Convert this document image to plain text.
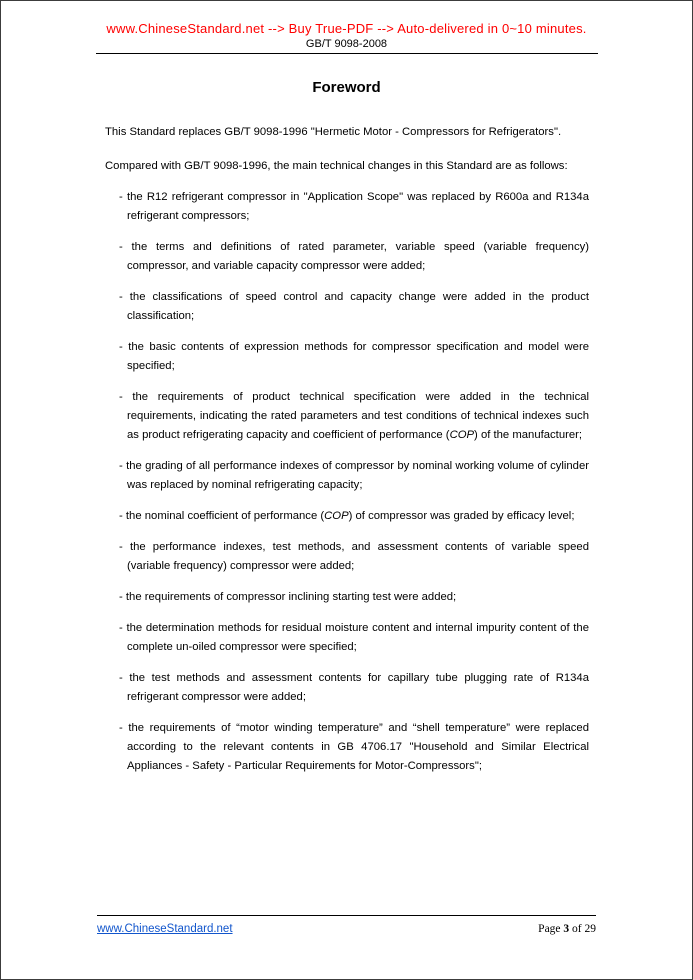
www.ChineseStandard.net --> Buy True-PDF --> Auto-delivered in 0~10 minutes.
GB/T 9098-2008
Foreword

This Standard replaces GB/T 9098-1996 "Hermetic Motor - Compressors for Refrigerators".

Compared with GB/T 9098-1996, the main technical changes in this Standard are as follows:

- the R12 refrigerant compressor in "Application Scope" was replaced by R600a and R134a refrigerant compressors;
- the terms and definitions of rated parameter, variable speed (variable frequency) compressor, and variable capacity compressor were added;
- the classifications of speed control and capacity change were added in the product classification;
- the basic contents of expression methods for compressor specification and model were specified;
- the requirements of product technical specification were added in the technical requirements, indicating the rated parameters and test conditions of technical indexes such as product refrigerating capacity and coefficient of performance (COP) of the manufacturer;
- the grading of all performance indexes of compressor by nominal working volume of cylinder was replaced by nominal refrigerating capacity;
- the nominal coefficient of performance (COP) of compressor was graded by efficacy level;
- the performance indexes, test methods, and assessment contents of variable speed (variable frequency) compressor were added;
- the requirements of compressor inclining starting test were added;
- the determination methods for residual moisture content and internal impurity content of the complete un-oiled compressor were specified;
- the test methods and assessment contents for capillary tube plugging rate of R134a refrigerant compressor were added;
- the requirements of “motor winding temperature” and “shell temperature” were replaced according to the relevant contents in GB 4706.17 "Household and Similar Electrical Appliances - Safety - Particular Requirements for Motor-Compressors";
www.ChineseStandard.net	Page 3 of 29
